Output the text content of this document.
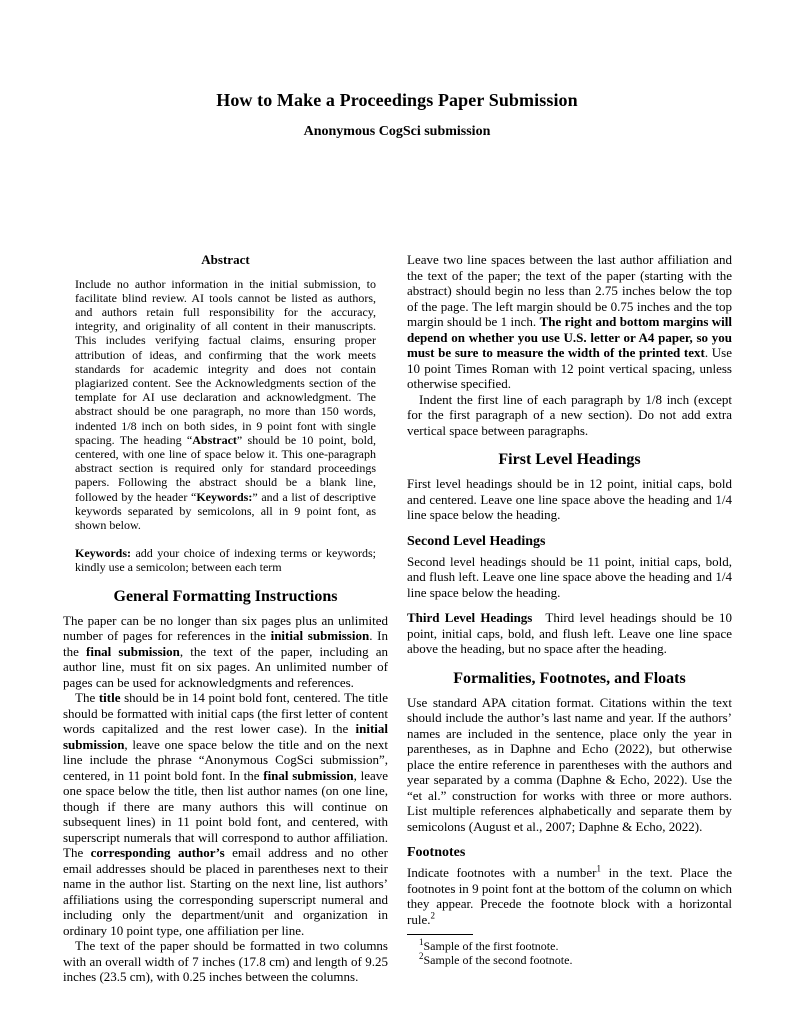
How to Make a Proceedings Paper Submission
Anonymous CogSci submission
Abstract

Include no author information in the initial submission, to facilitate blind review. AI tools cannot be listed as authors, and authors retain full responsibility for the accuracy, integrity, and originality of all content in their manuscripts. This includes verifying factual claims, ensuring proper attribution of ideas, and confirming that the work meets standards for academic integrity and does not contain plagiarized content. See the Acknowledgments section of the template for AI use declaration and acknowledgment. The abstract should be one paragraph, no more than 150 words, indented 1/8 inch on both sides, in 9 point font with single spacing. The heading “Abstract” should be 10 point, bold, centered, with one line of space below it. This one-paragraph abstract section is required only for standard proceedings papers. Following the abstract should be a blank line, followed by the header “Keywords:” and a list of descriptive keywords separated by semicolons, all in 9 point font, as shown below.

Keywords: add your choice of indexing terms or keywords; kindly use a semicolon; between each term

General Formatting Instructions

The paper can be no longer than six pages plus an unlimited number of pages for references in the initial submission. In the final submission, the text of the paper, including an author line, must fit on six pages. An unlimited number of pages can be used for acknowledgments and references.

The title should be in 14 point bold font, centered. The title should be formatted with initial caps (the first letter of content words capitalized and the rest lower case). In the initial submission, leave one space below the title and on the next line include the phrase “Anonymous CogSci submission”, centered, in 11 point bold font. In the final submission, leave one space below the title, then list author names (on one line, though if there are many authors this will continue on subsequent lines) in 11 point bold font, and centered, with superscript numerals that will correspond to author affiliation. The corresponding author’s email address and no other email addresses should be placed in parentheses next to their name in the author list. Starting on the next line, list authors’ affiliations using the corresponding superscript numeral and including only the department/unit and organization in ordinary 10 point type, one affiliation per line.

The text of the paper should be formatted in two columns with an overall width of 7 inches (17.8 cm) and length of 9.25 inches (23.5 cm), with 0.25 inches between the columns.

Leave two line spaces between the last author affiliation and the text of the paper; the text of the paper (starting with the abstract) should begin no less than 2.75 inches below the top of the page. The left margin should be 0.75 inches and the top margin should be 1 inch. The right and bottom margins will depend on whether you use U.S. letter or A4 paper, so you must be sure to measure the width of the printed text. Use 10 point Times Roman with 12 point vertical spacing, unless otherwise specified.

Indent the first line of each paragraph by 1/8 inch (except for the first paragraph of a new section). Do not add extra vertical space between paragraphs.

First Level Headings

First level headings should be in 12 point, initial caps, bold and centered. Leave one line space above the heading and 1/4 line space below the heading.

Second Level Headings

Second level headings should be 11 point, initial caps, bold, and flush left. Leave one line space above the heading and 1/4 line space below the heading.

Third Level Headings Third level headings should be 10 point, initial caps, bold, and flush left. Leave one line space above the heading, but no space after the heading.

Formalities, Footnotes, and Floats

Use standard APA citation format. Citations within the text should include the author’s last name and year. If the authors’ names are included in the sentence, place only the year in parentheses, as in Daphne and Echo (2022), but otherwise place the entire reference in parentheses with the authors and year separated by a comma (Daphne & Echo, 2022). Use the “et al.” construction for works with three or more authors. List multiple references alphabetically and separate them by semicolons (August et al., 2007; Daphne & Echo, 2022).

Footnotes

Indicate footnotes with a number$^1$ in the text. Place the footnotes in 9 point font at the bottom of the column on which they appear. Precede the footnote block with a horizontal rule.$^2$

$^1$Sample of the first footnote.

$^2$Sample of the second footnote.
